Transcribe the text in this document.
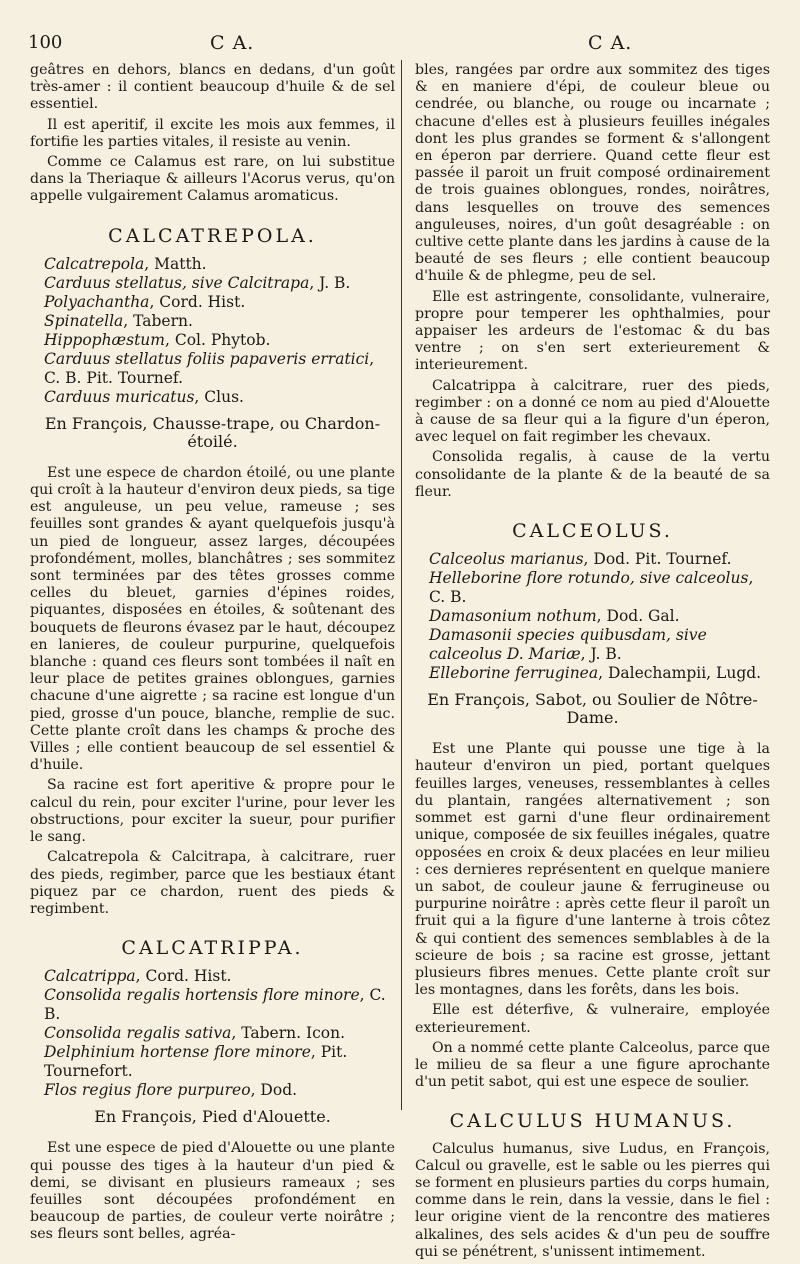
100	C A.	C A.

geâtres en dehors, blancs en dedans, d'un goût très-amer : il contient beaucoup d'huile & de sel essentiel.

Il est aperitif, il excite les mois aux femmes, il fortifie les parties vitales, il resiste au venin.

Comme ce Calamus est rare, on lui substitue dans la Theriaque & ailleurs l'Acorus verus, qu'on appelle vulgairement Calamus aromaticus.

CALCATREPOLA.
Calcatrepola, Matth.
Carduus stellatus, sive Calcitrapa, J. B.
Polyachantha, Cord. Hist.
Spinatella, Tabern.
Hippophæstum, Col. Phytob.
Carduus stellatus foliis papaveris erratici, C. B. Pit. Tournef.
Carduus muricatus, Clus.
En François, Chausse-trape, ou Chardon-étoilé.

Est une espece de chardon étoilé, ou une plante qui croît à la hauteur d'environ deux pieds, sa tige est anguleuse, un peu velue, rameuse ; ses feuilles sont grandes & ayant quelquefois jusqu'à un pied de longueur, assez larges, découpées profondément, molles, blanchâtres ; ses sommitez sont terminées par des têtes grosses comme celles du bleuet, garnies d'épines roides, piquantes, disposées en étoiles, & soûtenant des bouquets de fleurons évasez par le haut, découpez en lanieres, de couleur purpurine, quelquefois blanche : quand ces fleurs sont tombées il naît en leur place de petites graines oblongues, garnies chacune d'une aigrette ; sa racine est longue d'un pied, grosse d'un pouce, blanche, remplie de suc. Cette plante croît dans les champs & proche des Villes ; elle contient beaucoup de sel essentiel & d'huile.

Sa racine est fort aperitive & propre pour le calcul du rein, pour exciter l'urine, pour lever les obstructions, pour exciter la sueur, pour purifier le sang.

Calcatrepola & Calcitrapa, à calcitrare, ruer des pieds, regimber, parce que les bestiaux étant piquez par ce chardon, ruent des pieds & regimbent.

CALCATRIPPA.
Calcatrippa, Cord. Hist.
Consolida regalis hortensis flore minore, C. B.
Consolida regalis sativa, Tabern. Icon.
Delphinium hortense flore minore, Pit. Tournefort.
Flos regius flore purpureo, Dod.
En François, Pied d'Alouette.

Est une espece de pied d'Alouette ou une plante qui pousse des tiges à la hauteur d'un pied & demi, se divisant en plusieurs rameaux ; ses feuilles sont découpées profondément en beaucoup de parties, de couleur verte noirâtre ; ses fleurs sont belles, agréa-

bles, rangées par ordre aux sommitez des tiges & en maniere d'épi, de couleur bleue ou cendrée, ou blanche, ou rouge ou incarnate ; chacune d'elles est à plusieurs feuilles inégales dont les plus grandes se forment & s'allongent en éperon par derriere. Quand cette fleur est passée il paroit un fruit composé ordinairement de trois guaines oblongues, rondes, noirâtres, dans lesquelles on trouve des semences anguleuses, noires, d'un goût desagréable : on cultive cette plante dans les jardins à cause de la beauté de ses fleurs ; elle contient beaucoup d'huile & de phlegme, peu de sel.

Elle est astringente, consolidante, vulneraire, propre pour temperer les ophthalmies, pour appaiser les ardeurs de l'estomac & du bas ventre ; on s'en sert exterieurement & interieurement.

Calcatrippa à calcitrare, ruer des pieds, regimber : on a donné ce nom au pied d'Alouette à cause de sa fleur qui a la figure d'un éperon, avec lequel on fait regimber les chevaux.

Consolida regalis, à cause de la vertu consolidante de la plante & de la beauté de sa fleur.

CALCEOLUS.
Calceolus marianus, Dod. Pit. Tournef.
Helleborine flore rotundo, sive calceolus, C. B.
Damasonium nothum, Dod. Gal.
Damasonii species quibusdam, sive calceolus D. Mariæ, J. B.
Elleborine ferruginea, Dalechampii, Lugd.
En François, Sabot, ou Soulier de Nôtre-Dame.

Est une Plante qui pousse une tige à la hauteur d'environ un pied, portant quelques feuilles larges, veneuses, ressemblantes à celles du plantain, rangées alternativement ; son sommet est garni d'une fleur ordinairement unique, composée de six feuilles inégales, quatre opposées en croix & deux placées en leur milieu : ces dernieres représentent en quelque maniere un sabot, de couleur jaune & ferrugineuse ou purpurine noirâtre : après cette fleur il paroît un fruit qui a la figure d'une lanterne à trois côtez & qui contient des semences semblables à de la scieure de bois ; sa racine est grosse, jettant plusieurs fibres menues. Cette plante croît sur les montagnes, dans les forêts, dans les bois.

Elle est déterfive, & vulneraire, employée exterieurement.

On a nommé cette plante Calceolus, parce que le milieu de sa fleur a une figure aprochante d'un petit sabot, qui est une espece de soulier.

CALCULUS HUMANUS.

Calculus humanus, sive Ludus, en François, Calcul ou gravelle, est le sable ou les pierres qui se forment en plusieurs parties du corps humain, comme dans le rein, dans la vessie, dans le fiel : leur origine vient de la rencontre des matieres alkalines, des sels acides & d'un peu de souffre qui se pénétrent, s'unissent intimement.
